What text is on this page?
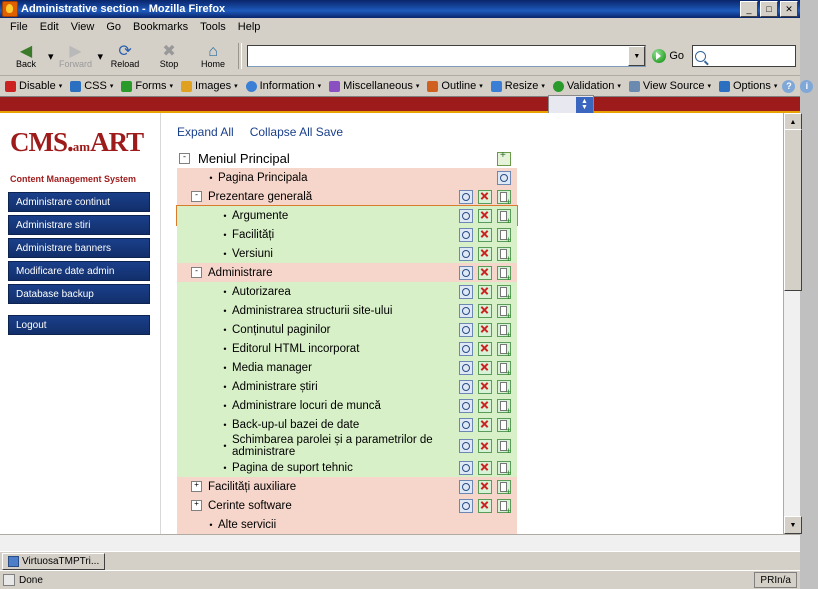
Administrative section - Mozilla Firefox	_	□	✕
File	Edit	View	Go	Bookmarks	Tools	Help
◀
Back
▾ ▶
Forward
▾ ⟳
Reload
✖
Stop
⌂
Home
▼	Go
Disable ▾ CSS ▾ Forms ▾ Images ▾ Information ▾ Miscellaneous ▾ Outline ▾ Resize ▾ Validation ▾ View Source ▾ Options ▾ ?	i
▲
▼
CMS.amART
Content Management System
Administrare continut
Administrare stiri
Administrare banners
Modificare date admin
Database backup
Logout
Expand All Collapse All Save
- Meniul Principal
+
• Pagina Principala
- Prezentare generală
+
• Argumente
+
• Facilități
+
• Versiuni
+
- Administrare
+
• Autorizarea
+
• Administrarea structurii site-ului
+
• Conținutul paginilor
+
• Editorul HTML incorporat
+
• Media manager
+
• Administrare știri
+
• Administrare locuri de muncă
+
• Back-up-ul bazei de date
+
• Schimbarea parolei și a parametrilor de administrare
+
• Pagina de suport tehnic
+
+ Facilități auxiliare
+
+ Cerinte software
+
• Alte servicii
▲
▼
VirtuosaTMPTri...
Done	PRIn/a
